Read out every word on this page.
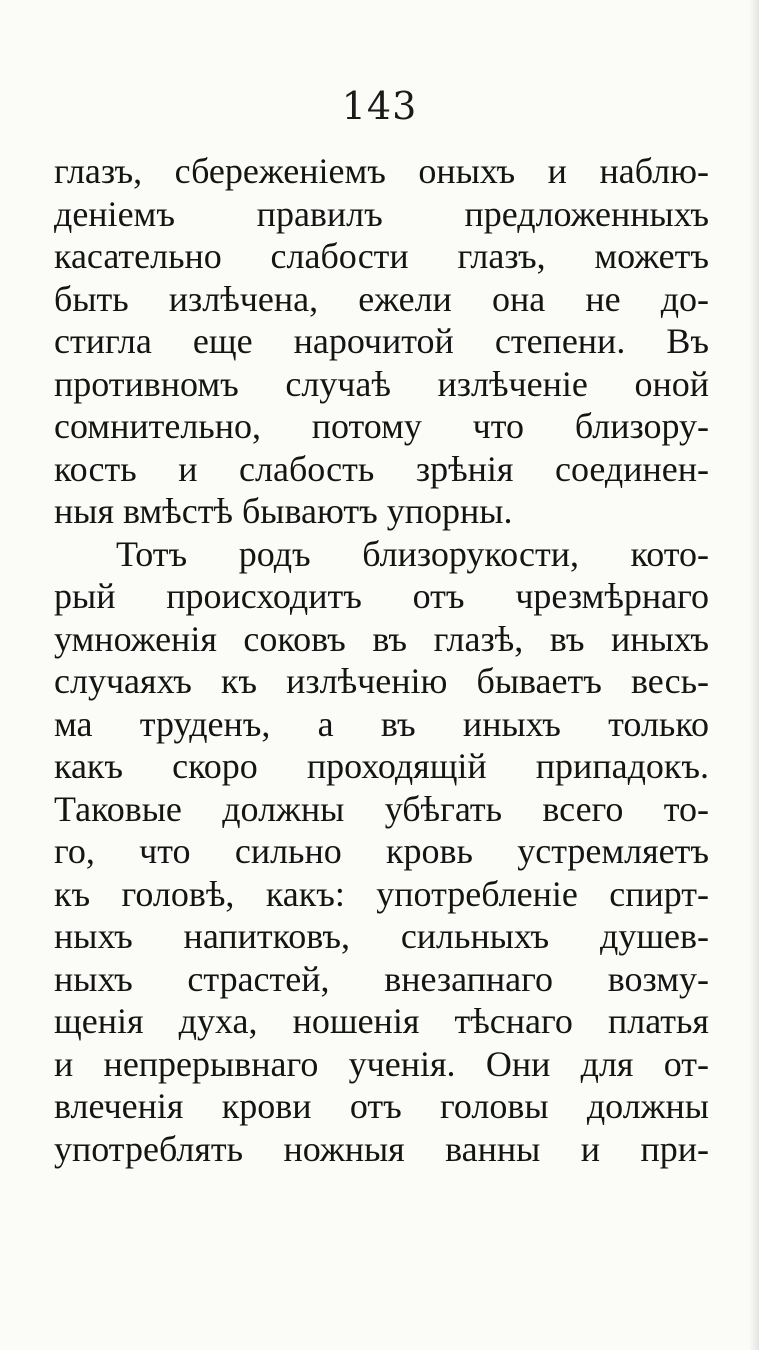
143
глазъ, сбереженiемъ оныхъ и наблю-
денiемъ правилъ предложенныхъ
касательно слабости глазъ, можетъ
быть излѣчена, ежели она не до-
стигла еще нарочитой степени. Въ
противномъ случаѣ излѣченiе оной
сомнительно, потому что близору-
кость и слабость зрѣнiя соединен-
ныя вмѣстѣ бываютъ упорны.
Тотъ родъ близорукости, кото-
рый происходитъ отъ чрезмѣрнаго
умноженiя соковъ въ глазѣ, въ иныхъ
случаяхъ къ излѣченiю бываетъ весь-
ма труденъ, а въ иныхъ только
какъ скоро проходящiй припадокъ.
Таковые должны убѣгать всего то-
го, что сильно кровь устремляетъ
къ головѣ, какъ: употребленiе спирт-
ныхъ напитковъ, сильныхъ душев-
ныхъ страстей, внезапнаго возму-
щенiя духа, ношенiя тѣснаго платья
и непрерывнаго ученiя. Они для от-
влеченiя крови отъ головы должны
употреблять ножныя ванны и при-
